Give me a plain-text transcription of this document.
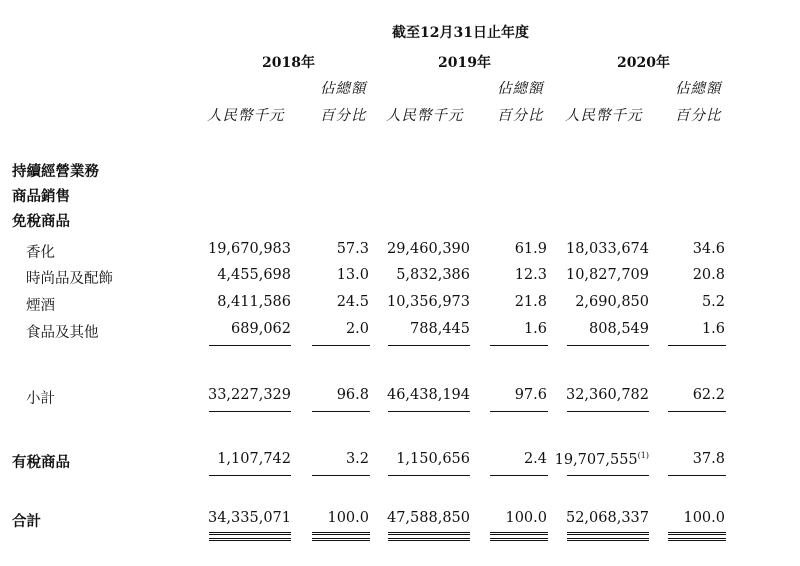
截至12月31日止年度
2018年	2019年	2020年
佔總額	佔總額	佔總額
人民幣千元 百分比 人民幣千元 百分比 人民幣千元 百分比
持續經營業務
商品銷售
免稅商品
香化	19,670,983	57.3 29,460,390	61.9 18,033,674	34.6
時尚品及配飾	4,455,698	13.0 5,832,386	12.3 10,827,709	20.8
煙酒	8,411,586	24.5 10,356,973	21.8 2,690,850	5.2
食品及其他	689,062	2.0	788,445	1.6	808,549	1.6
小計	33,227,329	96.8 46,438,194	97.6 32,360,782	62.2
有稅商品	1,107,742	3.2 1,150,656	2.4 19,707,555$^{(1)}$	37.8
合計	34,335,071	100.0 47,588,850 100.0 52,068,337 100.0
